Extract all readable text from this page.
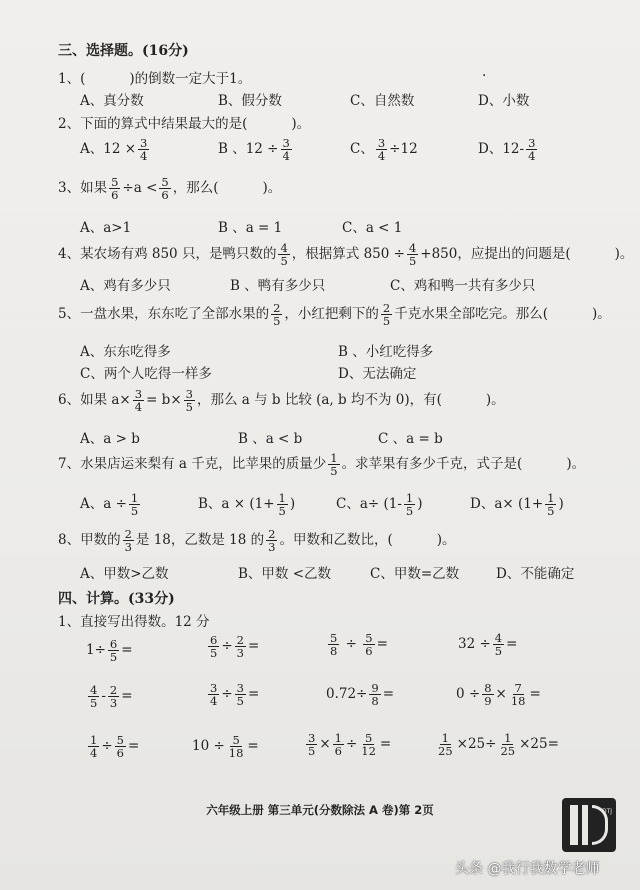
三、选择题。(16分)
1、(	)的倒数一定大于1。	.
A、真分数	B、假分数	C、自然数	D、小数
2、下面的算式中结果最大的是(	)。
A、$12 \times \frac{3}{4}$	B 、$12 \div \frac{3}{4}$	C、 $\frac{3}{4} \div 12$	D、$12- \frac{3}{4}$
3、如果 $\frac{5}{6} \div a < \frac{5}{6}$ ，那么(	)。
A、a>1	B 、a = 1	C、a < 1
4、某农场有鸡 850 只，是鸭只数的 $\frac{4}{5}$ ，根据算式 $850 \div \frac{4}{5} +850$，应提出的问题是(	)。
A、鸡有多少只	B 、鸭有多少只	C、鸡和鸭一共有多少只
5、一盘水果，东东吃了全部水果的 $\frac{2}{5}$ ，小红把剩下的 $\frac{2}{5}$ 千克水果全部吃完。那么(	)。
A、东东吃得多	B 、小红吃得多
C、两个人吃得一样多	D、无法确定
6、如果 $a\times \frac{3}{4} = b\times \frac{3}{5}$ ，那么 a 与 b 比较 (a, b 均不为 0)，有(	)。
A、a > b	B 、a < b	C 、a = b
7、水果店运来梨有 a 千克，比苹果的质量少 $\frac{1}{5}$ 。求苹果有多少千克，式子是(	)。
A、$a \div \frac{1}{5}$	B、$a \times (1+ \frac{1}{5}$ )	C、$a\div (1- \frac{1}{5}$ )	D、$a\times (1+ \frac{1}{5}$ )
8、甲数的 $\frac{2}{3}$ 是 18，乙数是 18 的 $\frac{2}{3}$ 。甲数和乙数比，(	)。
A、甲数>乙数	B、甲数 <乙数	C、甲数=乙数	D、不能确定
四、计算。(33分)
1、直接写出得数。12 分
$1\div \frac{6}{5}$ =	$\frac{6}{5} \div \frac{2}{3}$ =	$\frac{5}{8} \div \frac{5}{6}$ =	$32 \div \frac{4}{5}$ =
$\frac{4}{5} - \frac{2}{3}$ =	$\frac{3}{4} \div \frac{3}{5}$ =	$0.72\div \frac{9}{8}$ =	$0 \div \frac{8}{9} \times \frac{7}{18}$ =
$\frac{1}{4} \div \frac{5}{6}$ =	$10 \div \frac{5}{18}$ =	$\frac{3}{5} \times \frac{1}{6} \div \frac{5}{12}$ =	$\frac{1}{25} \times 25\div \frac{1}{25} \times 25=$
六年级上册 第三单元(分数除法 A 卷)第 2页	DTJ
头条 @我行我数学老师
